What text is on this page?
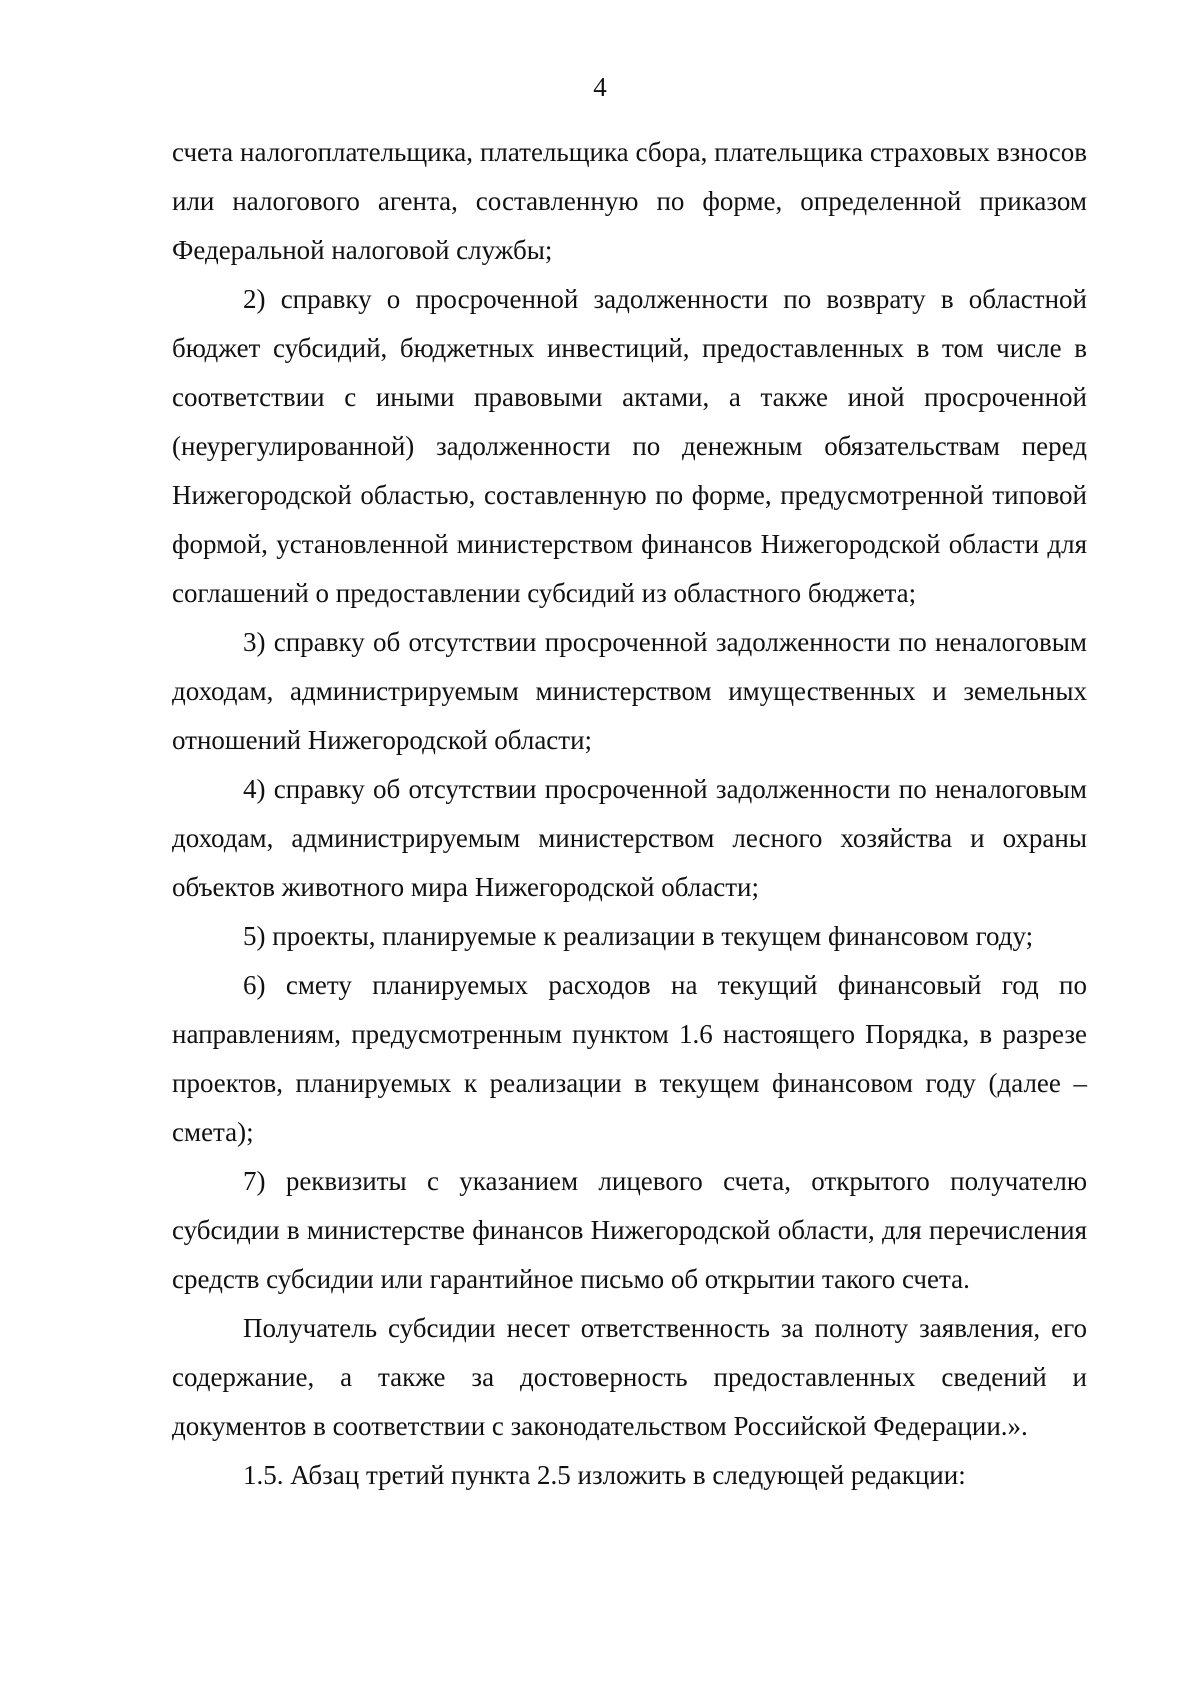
4

счета налогоплательщика, плательщика сбора, плательщика страховых взносов или налогового агента, составленную по форме, определенной приказом Федеральной налоговой службы;

2) справку о просроченной задолженности по возврату в областной бюджет субсидий, бюджетных инвестиций, предоставленных в том числе в соответствии с иными правовыми актами, а также иной просроченной (неурегулированной) задолженности по денежным обязательствам перед Нижегородской областью, составленную по форме, предусмотренной типовой формой, установленной министерством финансов Нижегородской области для соглашений о предоставлении субсидий из областного бюджета;

3) справку об отсутствии просроченной задолженности по неналоговым доходам, администрируемым министерством имущественных и земельных отношений Нижегородской области;

4) справку об отсутствии просроченной задолженности по неналоговым доходам, администрируемым министерством лесного хозяйства и охраны объектов животного мира Нижегородской области;

5) проекты, планируемые к реализации в текущем финансовом году;

6) смету планируемых расходов на текущий финансовый год по направлениям, предусмотренным пунктом 1.6 настоящего Порядка, в разрезе проектов, планируемых к реализации в текущем финансовом году (далее – смета);

7) реквизиты с указанием лицевого счета, открытого получателю субсидии в министерстве финансов Нижегородской области, для перечисления средств субсидии или гарантийное письмо об открытии такого счета.

Получатель субсидии несет ответственность за полноту заявления, его содержание, а также за достоверность предоставленных сведений и документов в соответствии с законодательством Российской Федерации.».

1.5. Абзац третий пункта 2.5 изложить в следующей редакции:
